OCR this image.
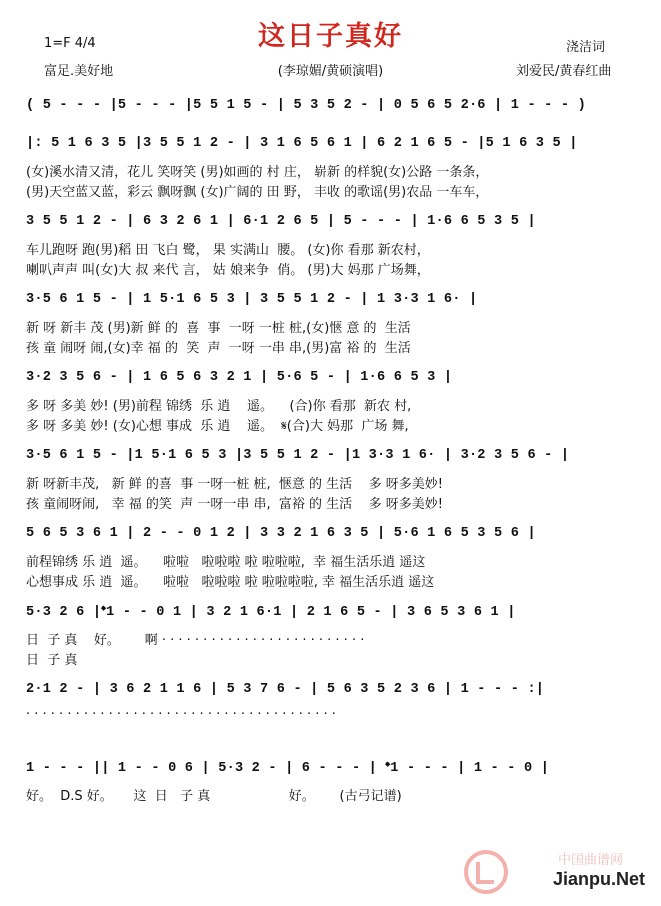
这日子真好
1=F 4/4	浇洁词
富足.美好地	(李琼媚/黄硕演唱)	刘爱民/黄春红曲
( 5 - - - |5 - - - |5 5 1 5 - | 5 3 5 2 - | 0 5 6 5 2·6 | 1 - - - )
|: 5 1 6 3 5 |3 5 5 1 2 - | 3 1 6 5 6 1 | 6 2 1 6 5 - |5 1 6 3 5 |
(女)溪水清又清，花儿 笑呀笑 (男)如画的 村 庄， 崭新 的样貌(女)公路 一条条，
(男)天空蓝又蓝，彩云 飘呀飘 (女)广阔的 田 野， 丰收 的歌谣(男)农品 一车车，
3 5 5 1 2 - | 6 3 2 6 1 | 6·1 2 6 5 | 5 - - - | 1·6 6 5 3 5 |
车儿跑呀 跑(男)稻 田 飞白 鹭， 果 实满山  腰。 (女)你 看那 新农村，
喇叭声声 叫(女)大 叔 来代 言， 姑 娘来争  俏。 (男)大 妈那 广场舞，
3·5 6 1 5 - | 1 5·1 6 5 3 | 3 5 5 1 2 - | 1 3·3 1 6· |
新 呀 新丰 茂 (男)新 鲜 的  喜  事  一呀 一桩 桩,(女)惬 意 的  生活
孩 童 闹呀 闹,(女)幸 福 的  笑  声  一呀 一串 串,(男)富 裕 的  生活
3·2 3 5 6 - | 1 6 5 6 3 2 1 | 5·6 5 - | 1·6 6 5 3 |
多 呀 多美 妙! (男)前程 锦绣  乐 逍    遥。    (合)你 看那  新农 村,
多 呀 多美 妙! (女)心想 事成  乐 逍    遥。  𝄋(合)大 妈那  广场 舞,
3·5 6 1 5 - |1 5·1 6 5 3 |3 5 5 1 2 - |1 3·3 1 6· | 3·2 3 5 6 - |
新 呀新丰茂,   新 鲜 的喜  事 一呀一桩 桩,  惬意 的 生活    多 呀多美妙!
孩 童闹呀闹,   幸 福 的笑  声 一呀一串 串,  富裕 的 生活    多 呀多美妙!
5 6 5 3 6 1 | 2 - - 0 1 2 | 3 3 2 1 6 3 5 | 5·6 1 6 5 3 5 6 |
前程锦绣 乐 逍  遥。    啦啦   啦啦啦 啦 啦啦啦,  幸 福生活乐逍 遥这
心想事成 乐 逍  遥。    啦啦   啦啦啦 啦 啦啦啦啦, 幸 福生活乐逍 遥这
5·3 2 6 |𝄌1 - - 0 1 | 3 2 1 6·1 | 2 1 6 5 - | 3 6 5 3 6 1 |
日  子 真    好。      啊 · · · · · · · · · · · · · · · · · · · · · · · · ·
日  子 真
2·1 2 - | 3 6 2 1 1 6 | 5 3 7 6 - | 5 6 3 5 2 3 6 | 1 - - - :|
· · · · · · · · · · · · · · · · · · · · · · · · · · · · · · · · · · · · · ·
1 - - - || 1 - - 0 6 | 5·3 2 - | 6 - - - | 𝄌1 - - - | 1 - - 0 |
好。  D.S 好。     这  日   子 真                   好。      (古弓记谱)
中国曲谱网
Jianpu.Net
